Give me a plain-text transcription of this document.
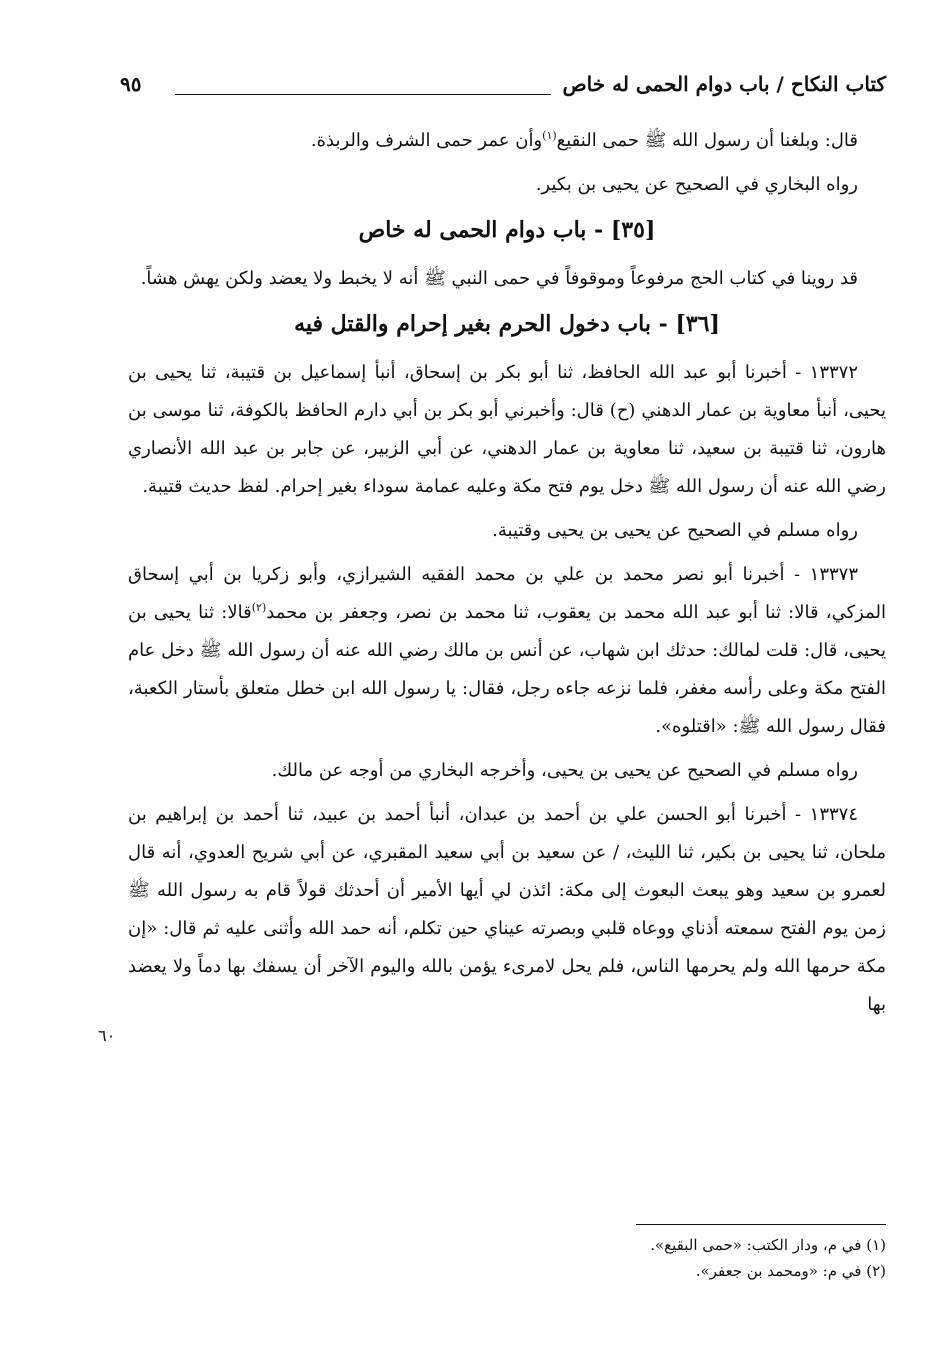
كتاب النكاح / باب دوام الحمى له خاص
٩٥

قال: وبلغنا أن رسول الله ﷺ حمى النقيع$^{(١)}$وأن عمر حمى الشرف والربذة.

رواه البخاري في الصحيح عن يحيى بن بكير.

[٣٥] - باب دوام الحمى له خاص

قد روينا في كتاب الحج مرفوعاً وموقوفاً في حمى النبي ﷺ أنه لا يخبط ولا يعضد ولكن يهش هشاً.

[٣٦] - باب دخول الحرم بغير إحرام والقتل فيه

١٣٣٧٢ - أخبرنا أبو عبد الله الحافظ، ثنا أبو بكر بن إسحاق، أنبأ إسماعيل بن قتيبة، ثنا يحيى بن يحيى، أنبأ معاوية بن عمار الدهني (ح) قال: وأخبرني أبو بكر بن أبي دارم الحافظ بالكوفة، ثنا موسى بن هارون، ثنا قتيبة بن سعيد، ثنا معاوية بن عمار الدهني، عن أبي الزبير، عن جابر بن عبد الله الأنصاري رضي الله عنه أن رسول الله ﷺ دخل يوم فتح مكة وعليه عمامة سوداء بغير إحرام. لفظ حديث قتيبة.

رواه مسلم في الصحيح عن يحيى بن يحيى وقتيبة.

١٣٣٧٣ - أخبرنا أبو نصر محمد بن علي بن محمد الفقيه الشيرازي، وأبو زكريا بن أبي إسحاق المزكي، قالا: ثنا أبو عبد الله محمد بن يعقوب، ثنا محمد بن نصر، وجعفر بن محمد$^{(٢)}$قالا: ثنا يحيى بن يحيى، قال: قلت لمالك: حدثك ابن شهاب، عن أنس بن مالك رضي الله عنه أن رسول الله ﷺ دخل عام الفتح مكة وعلى رأسه مغفر، فلما نزعه جاءه رجل، فقال: يا رسول الله ابن خطل متعلق بأستار الكعبة، فقال رسول الله ﷺ: «اقتلوه».

رواه مسلم في الصحيح عن يحيى بن يحيى، وأخرجه البخاري من أوجه عن مالك.

١٣٣٧٤ - أخبرنا أبو الحسن علي بن أحمد بن عبدان، أنبأ أحمد بن عبيد، ثنا أحمد بن إبراهيم بن ملحان، ثنا يحيى بن بكير، ثنا الليث، / عن سعيد بن أبي سعيد المقبري، عن أبي شريح العدوي، أنه قال لعمرو بن سعيد وهو يبعث البعوث إلى مكة: ائذن لي أيها الأمير أن أحدثك قولاً قام به رسول الله ﷺ زمن يوم الفتح سمعته أذناي ووعاه قلبي وبصرته عيناي حين تكلم، أنه حمد الله وأثنى عليه ثم قال: «إن مكة حرمها الله ولم يحرمها الناس، فلم يحل لامرىء يؤمن بالله واليوم الآخر أن يسفك بها دماً ولا يعضد بها

٦٠
(١) في م، ودار الكتب: «حمى البقيع».
(٢) في م: «ومحمد بن جعفر».
